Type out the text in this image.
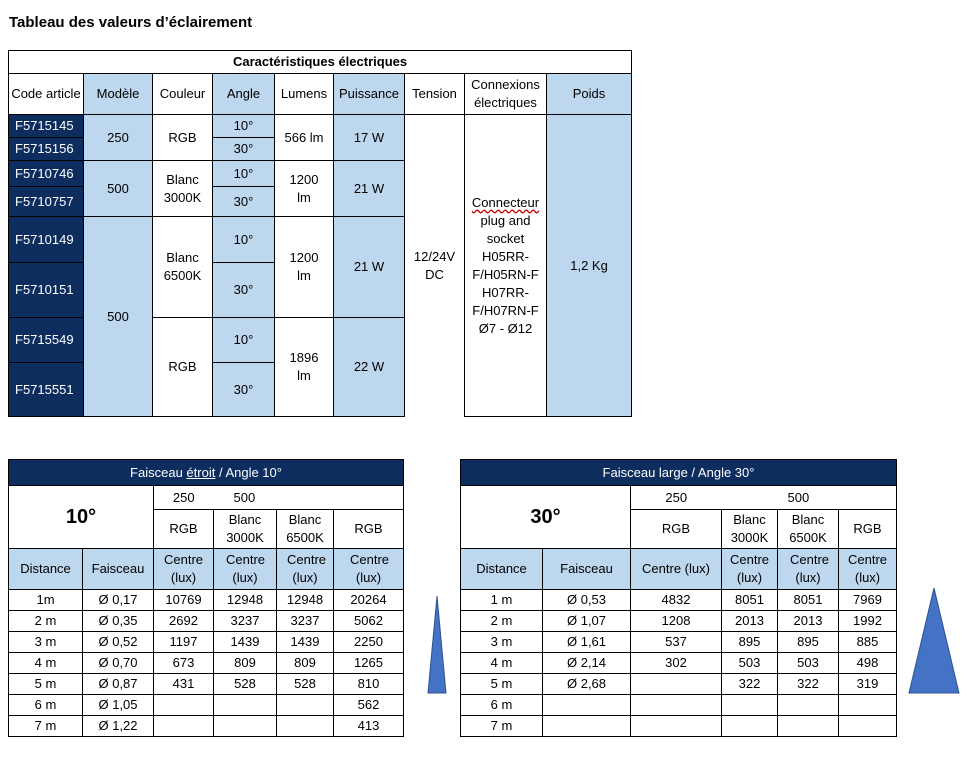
Tableau des valeurs d’éclairement
Caractéristiques électriques								
Code article	Modèle	Couleur	Angle	Lumens	Puissance	Tension	Connexions électriques	Poids
F5715145	250	RGB	10°	566 lm	17 W	12/24V DC	Connecteur plug and socket H05RR-F/H05RN-F H07RR-F/H07RN-F Ø7 - Ø12	1,2 Kg
F5715156			30°					
F5710746	500	Blanc 3000K	10°	1200 lm	21 W			
F5710757			30°					
F5710149	500	Blanc 6500K	10°	1200 lm	21 W			
F5710151			30°					
F5715549		RGB	10°	1896 lm	22 W			
F5715551			30°					
Faisceau étroit / Angle 10°					
10°		250	500		
		RGB	Blanc 3000K	Blanc 6500K	RGB
Distance	Faisceau	Centre (lux)	Centre (lux)	Centre (lux)	Centre (lux)
1m	Ø 0,17	10769	12948	12948	20264
2 m	Ø 0,35	2692	3237	3237	5062
3 m	Ø 0,52	1197	1439	1439	2250
4 m	Ø 0,70	673	809	809	1265
5 m	Ø 0,87	431	528	528	810
6 m	Ø 1,05				562
7 m	Ø 1,22				413
Faisceau large / Angle 30°					
30°		250	500		
		RGB	Blanc 3000K	Blanc 6500K	RGB
Distance	Faisceau	Centre (lux)	Centre (lux)	Centre (lux)	Centre (lux)
1 m	Ø 0,53	4832	8051	8051	7969
2 m	Ø 1,07	1208	2013	2013	1992
3 m	Ø 1,61	537	895	895	885
4 m	Ø 2,14	302	503	503	498
5 m	Ø 2,68		322	322	319
6 m					
7 m					
